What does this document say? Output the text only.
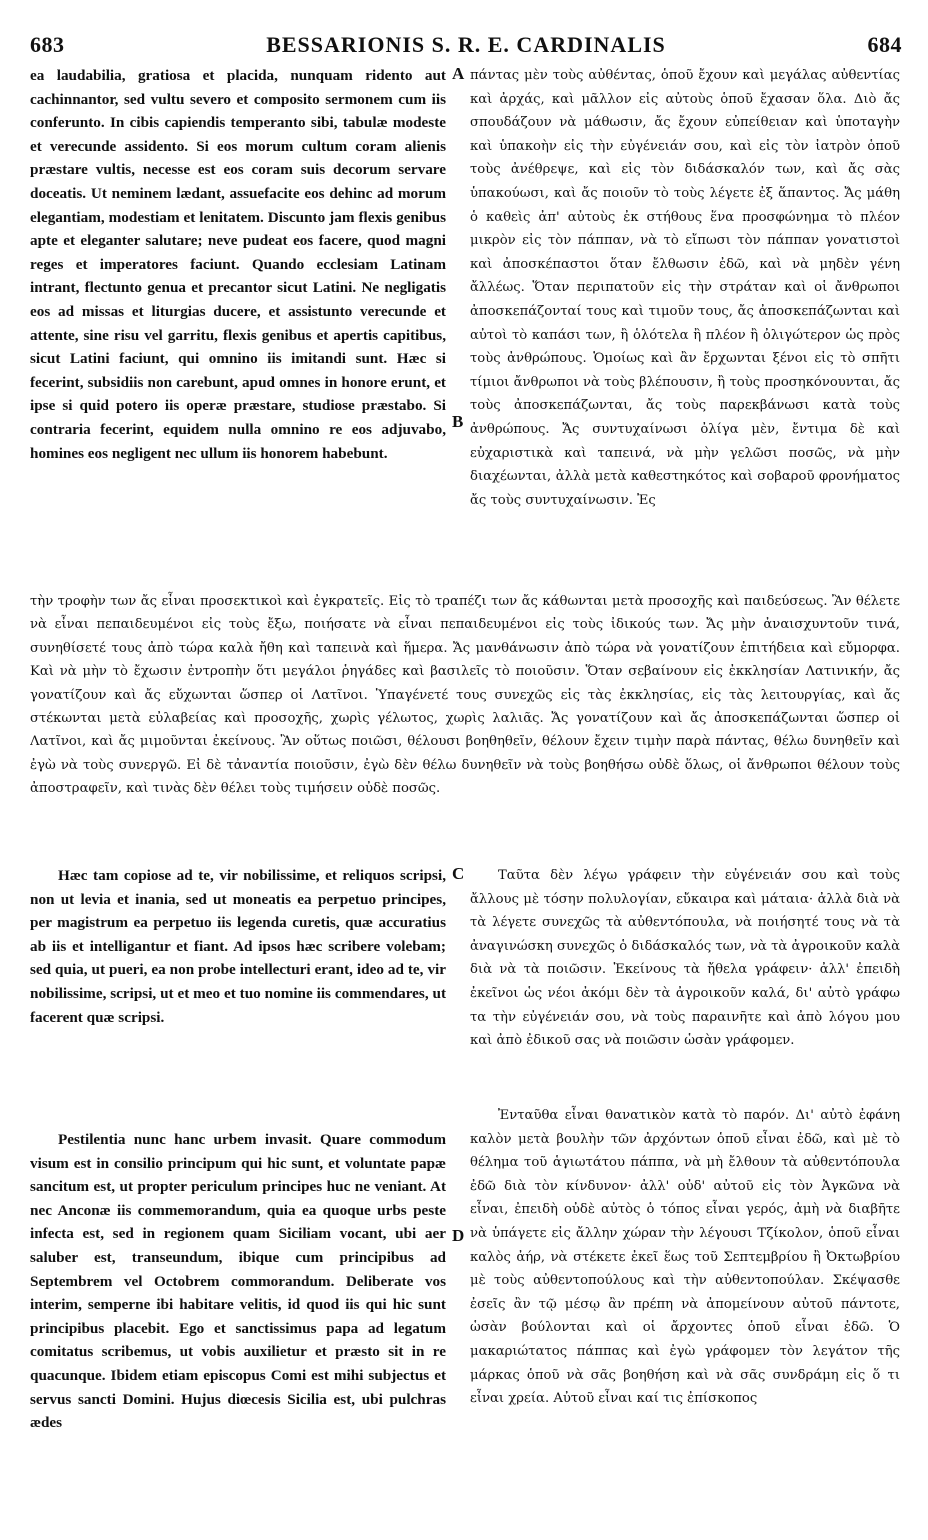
683	BESSARIONIS S. R. E. CARDINALIS	684

ea laudabilia, gratiosa et placida, nunquam ridento aut cachinnantor, sed vultu severo et composito sermonem cum iis conferunto. In cibis capiendis temperanto sibi, tabulæ modeste et verecunde assidento. Si eos morum cultum coram alienis præstare vultis, necesse est eos coram suis decorum servare doceatis. Ut neminem lædant, assuefacite eos dehinc ad morum elegantiam, modestiam et lenitatem. Discunto jam flexis genibus apte et eleganter salutare; neve pudeat eos facere, quod magni reges et imperatores faciunt. Quando ecclesiam Latinam intrant, flectunto genua et precantor sicut Latini. Ne negligatis eos ad missas et liturgias ducere, et assistunto verecunde et attente, sine risu vel garritu, flexis genibus et apertis capitibus, sicut Latini faciunt, qui omnino iis imitandi sunt. Hæc si fecerint, subsidiis non carebunt, apud omnes in honore erunt, et ipse si quid potero iis operæ præstare, studiose præstabo. Si contraria fecerint, equidem nulla omnino re eos adjuvabo, homines eos negligent nec ullum iis honorem habebunt.

A
B

πάντας μὲν τοὺς αὐθέντας, ὁποῦ ἔχουν καὶ μεγάλας αὐθεντίας καὶ ἀρχάς, καὶ μᾶλλον εἰς αὐτοὺς ὁποῦ ἔχασαν ὅλα. Διὸ ἄς σπουδάζουν νὰ μάθωσιν, ἄς ἔχουν εὐπείθειαν καὶ ὑποταγὴν καὶ ὑπακοὴν εἰς τὴν εὐγένειάν σου, καὶ εἰς τὸν ἰατρὸν ὁποῦ τοὺς ἀνέθρεψε, καὶ εἰς τὸν διδάσκαλόν των, καὶ ἄς σὰς ὑπακούωσι, καὶ ἄς ποιοῦν τὸ τοὺς λέγετε ἐξ ἅπαντος. Ἄς μάθη ὁ καθεὶς ἀπ' αὐτοὺς ἐκ στήθους ἕνα προσφώνημα τὸ πλέον μικρὸν εἰς τὸν πάππαν, νὰ τὸ εἴπωσι τὸν πάππαν γονατιστοὶ καὶ ἀποσκέπαστοι ὅταν ἔλθωσιν ἐδῶ, καὶ νὰ μηδὲν γένη ἄλλέως. Ὅταν περιπατοῦν εἰς τὴν στράταν καὶ οἱ ἄνθρωποι ἀποσκεπάζονταί τους καὶ τιμοῦν τους, ἄς ἀποσκεπάζωνται καὶ αὐτοὶ τὸ καπάσι των, ἢ ὁλότελα ἢ πλέον ἢ ὀλιγώτερον ὡς πρὸς τοὺς ἀνθρώπους. Ὁμοίως καὶ ἂν ἔρχωνται ξένοι εἰς τὸ σπῆτι τίμιοι ἄνθρωποι νὰ τοὺς βλέπουσιν, ἢ τοὺς προσηκόνουνται, ἄς τοὺς ἀποσκεπάζωνται, ἄς τοὺς παρεκβάνωσι κατὰ τοὺς ἀνθρώπους. Ἄς συντυχαίνωσι ὀλίγα μὲν, ἔντιμα δὲ καὶ εὐχαριστικὰ καὶ ταπεινά, νὰ μὴν γελῶσι ποσῶς, νὰ μὴν διαχέωνται, ἀλλὰ μετὰ καθεστηκότος καὶ σοβαροῦ φρονήματος ἄς τοὺς συντυχαίνωσιν. Ἐς

τὴν τροφὴν των ἄς εἶναι προσεκτικοὶ καὶ ἐγκρατεῖς. Εἰς τὸ τραπέζι των ἄς κάθωνται μετὰ προσοχῆς καὶ παιδεύσεως. Ἂν θέλετε νὰ εἶναι πεπαιδευμένοι εἰς τοὺς ἔξω, ποιήσατε νὰ εἶναι πεπαιδευμένοι εἰς τοὺς ἰδικούς των. Ἄς μὴν ἀναισχυντοῦν τινά, συνηθίσετέ τους ἀπὸ τώρα καλὰ ἤθη καὶ ταπεινὰ καὶ ἥμερα. Ἄς μανθάνωσιν ἀπὸ τώρα νὰ γονατίζουν ἐπιτήδεια καὶ εὔμορφα. Καὶ νὰ μὴν τὸ ἔχωσιν ἐντροπὴν ὅτι μεγάλοι ῥηγάδες καὶ βασιλεῖς τὸ ποιοῦσιν. Ὅταν σεβαίνουν εἰς ἐκκλησίαν Λατινικήν, ἄς γονατίζουν καὶ ἄς εὔχωνται ὥσπερ οἱ Λατῖνοι. Ὑπαγένετέ τους συνεχῶς εἰς τὰς ἐκκλησίας, εἰς τὰς λειτουργίας, καὶ ἄς στέκωνται μετὰ εὐλαβείας καὶ προσοχῆς, χωρὶς γέλωτος, χωρὶς λαλιᾶς. Ἄς γονατίζουν καὶ ἄς ἀποσκεπάζωνται ὥσπερ οἱ Λατῖνοι, καὶ ἄς μιμοῦνται ἐκείνους. Ἂν οὕτως ποιῶσι, θέλουσι βοηθηθεῖν, θέλουν ἔχειν τιμὴν παρὰ πάντας, θέλω δυνηθεῖν καὶ ἐγὼ νὰ τοὺς συνεργῶ. Εἰ δὲ τἀναντία ποιοῦσιν, ἐγὼ δὲν θέλω δυνηθεῖν νὰ τοὺς βοηθήσω οὐδὲ ὅλως, οἱ ἄνθρωποι θέλουν τοὺς ἀποστραφεῖν, καὶ τινὰς δὲν θέλει τοὺς τιμήσειν οὐδὲ ποσῶς.

C

Hæc tam copiose ad te, vir nobilissime, et reliquos scripsi, non ut levia et inania, sed ut moneatis ea perpetuo principes, per magistrum ea perpetuo iis legenda curetis, quæ accuratius ab iis et intelligantur et fiant. Ad ipsos hæc scribere volebam; sed quia, ut pueri, ea non probe intellecturi erant, ideo ad te, vir nobilissime, scripsi, ut et meo et tuo nomine iis commendares, ut facerent quæ scripsi.

Ταῦτα δὲν λέγω γράφειν τὴν εὐγένειάν σου καὶ τοὺς ἄλλους μὲ τόσην πολυλογίαν, εὔκαιρα καὶ μάταια· ἀλλὰ διὰ νὰ τὰ λέγετε συνεχῶς τὰ αὐθεντόπουλα, νὰ ποιήσητέ τους νὰ τὰ ἀναγινώσκη συνεχῶς ὁ διδάσκαλός των, νὰ τὰ ἀγροικοῦν καλὰ διὰ νὰ τὰ ποιῶσιν. Ἐκείνους τὰ ἤθελα γράφειν· ἀλλ' ἐπειδὴ ἐκεῖνοι ὡς νέοι ἀκόμι δὲν τὰ ἀγροικοῦν καλά, δι' αὐτὸ γράφω τα τὴν εὐγένειάν σου, νὰ τοὺς παραινῆτε καὶ ἀπὸ λόγου μου καὶ ἀπὸ ἐδικοῦ σας νὰ ποιῶσιν ὡσὰν γράφομεν.

D

Pestilentia nunc hanc urbem invasit. Quare commodum visum est in consilio principum qui hic sunt, et voluntate papæ sancitum est, ut propter periculum principes huc ne veniant. At nec Anconæ iis commemorandum, quia ea quoque urbs peste infecta est, sed in regionem quam Siciliam vocant, ubi aer saluber est, transeundum, ibique cum principibus ad Septembrem vel Octobrem commorandum. Deliberate vos interim, semperne ibi habitare velitis, id quod iis qui hic sunt principibus placebit. Ego et sanctissimus papa ad legatum comitatus scribemus, ut vobis auxilietur et præsto sit in re quacunque. Ibidem etiam episcopus Comi est mihi subjectus et servus sancti Domini. Hujus diœcesis Sicilia est, ubi pulchras ædes

Ἐνταῦθα εἶναι θανατικὸν κατὰ τὸ παρόν. Δι' αὐτὸ ἐφάνη καλὸν μετὰ βουλὴν τῶν ἀρχόντων ὁποῦ εἶναι ἐδῶ, καὶ μὲ τὸ θέλημα τοῦ ἁγιωτάτου πάππα, νὰ μὴ ἔλθουν τὰ αὐθεντόπουλα ἐδῶ διὰ τὸν κίνδυνον· ἀλλ' οὐδ' αὐτοῦ εἰς τὸν Ἀγκῶνα νὰ εἶναι, ἐπειδὴ οὐδὲ αὐτὸς ὁ τόπος εἶναι γερός, ἀμὴ νὰ διαβῆτε νὰ ὑπάγετε εἰς ἄλλην χώραν τὴν λέγουσι Τζίκολον, ὁποῦ εἶναι καλὸς ἀήρ, νὰ στέκετε ἐκεῖ ἕως τοῦ Σεπτεμβρίου ἢ Ὀκτωβρίου μὲ τοὺς αὐθεντοπούλους καὶ τὴν αὐθεντοπούλαν. Σκέψασθε ἐσεῖς ἂν τῷ μέσῳ ἂν πρέπη νὰ ἀπομείνουν αὐτοῦ πάντοτε, ὡσὰν βούλονται καὶ οἱ ἄρχοντες ὁποῦ εἶναι ἐδῶ. Ὁ μακαριώτατος πάππας καὶ ἐγὼ γράφομεν τὸν λεγάτον τῆς μάρκας ὁποῦ νὰ σᾶς βοηθήση καὶ νὰ σᾶς συνδράμη εἰς ὅ τι εἶναι χρεία. Αὐτοῦ εἶναι καί τις ἐπίσκοπος
